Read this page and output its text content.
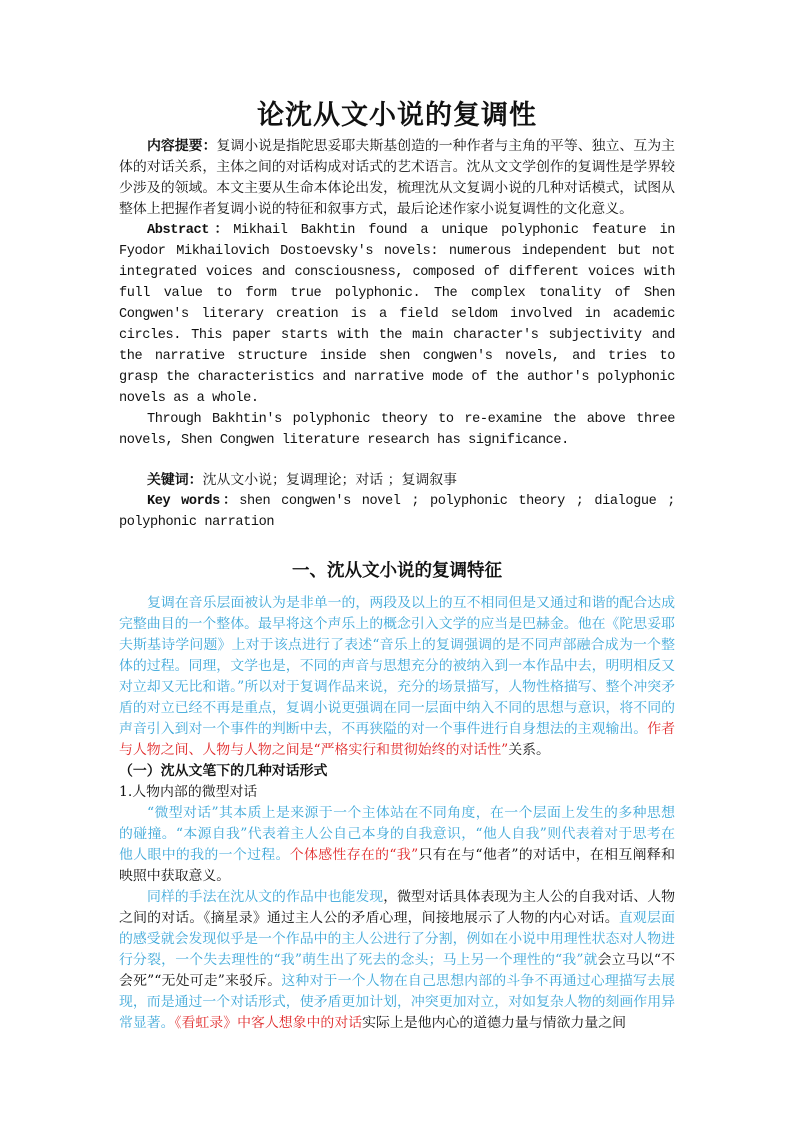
论沈从文小说的复调性

内容提要：复调小说是指陀思妥耶夫斯基创造的一种作者与主角的平等、独立、互为主体的对话关系，主体之间的对话构成对话式的艺术语言。沈从文文学创作的复调性是学界较少涉及的领域。本文主要从生命本体论出发，梳理沈从文复调小说的几种对话模式，试图从整体上把握作者复调小说的特征和叙事方式，最后论述作家小说复调性的文化意义。

Abstract：Mikhail Bakhtin found a unique polyphonic feature in Fyodor Mikhailovich Dostoevsky's novels: numerous independent but not integrated voices and consciousness, composed of different voices with full value to form true polyphonic. The complex tonality of Shen Congwen's literary creation is a field seldom involved in academic circles. This paper starts with the main character's subjectivity and the narrative structure inside shen congwen's novels, and tries to grasp the characteristics and narrative mode of the author's polyphonic novels as a whole.

Through Bakhtin's polyphonic theory to re-examine the above three novels, Shen Congwen literature research has significance.

关键词：沈从文小说；复调理论；对话 ；复调叙事

Key words：shen congwen's novel ; polyphonic theory ; dialogue ; polyphonic narration

一、沈从文小说的复调特征

复调在音乐层面被认为是非单一的，两段及以上的互不相同但是又通过和谐的配合达成完整曲目的一个整体。最早将这个声乐上的概念引入文学的应当是巴赫金。他在《陀思妥耶夫斯基诗学问题》上对于该点进行了表述“音乐上的复调强调的是不同声部融合成为一个整体的过程。同理，文学也是，不同的声音与思想充分的被纳入到一本作品中去，明明相反又对立却又无比和谐。”所以对于复调作品来说，充分的场景描写，人物性格描写、整个冲突矛盾的对立已经不再是重点，复调小说更强调在同一层面中纳入不同的思想与意识，将不同的声音引入到对一个事件的判断中去，不再狭隘的对一个事件进行自身想法的主观输出。作者与人物之间、人物与人物之间是“严格实行和贯彻始终的对话性”关系。

（一）沈从文笔下的几种对话形式

1.人物内部的微型对话

“微型对话”其本质上是来源于一个主体站在不同角度，在一个层面上发生的多种思想的碰撞。“本源自我”代表着主人公自己本身的自我意识，“他人自我”则代表着对于思考在他人眼中的我的一个过程。个体感性存在的“我”只有在与“他者”的对话中，在相互阐释和映照中获取意义。

同样的手法在沈从文的作品中也能发现，微型对话具体表现为主人公的自我对话、人物之间的对话。《摘星录》通过主人公的矛盾心理，间接地展示了人物的内心对话。直观层面的感受就会发现似乎是一个作品中的主人公进行了分割，例如在小说中用理性状态对人物进行分裂，一个失去理性的“我”萌生出了死去的念头；马上另一个理性的“我”就会立马以“不会死”“无处可走”来驳斥。这种对于一个人物在自己思想内部的斗争不再通过心理描写去展现，而是通过一个对话形式，使矛盾更加计划，冲突更加对立，对如复杂人物的刻画作用异常显著。《看虹录》中客人想象中的对话实际上是他内心的道德力量与情欲力量之间
